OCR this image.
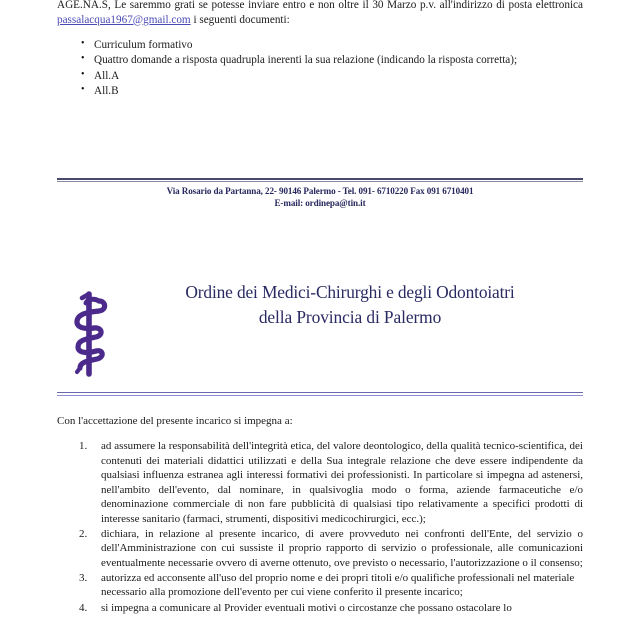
AGE.NA.S, Le saremmo grati se potesse inviare entro e non oltre il 30 Marzo p.v. all'indirizzo di posta elettronica passalacqua1967@gmail.com i seguenti documenti:

• Curriculum formativo
• Quattro domande a risposta quadrupla inerenti la sua relazione (indicando la risposta corretta);
• All.A
• All.B
Via Rosario da Partanna, 22- 90146 Palermo - Tel. 091- 6710220 Fax 091 6710401
E-mail: ordinepa@tin.it
Ordine dei Medici-Chirurghi e degli Odontoiatri
della Provincia di Palermo

Con l'accettazione del presente incarico si impegna a:

ad assumere la responsabilità dell'integrità etica, del valore deontologico, della qualità tecnico-scientifica, dei contenuti dei materiali didattici utilizzati e della Sua integrale relazione che deve essere indipendente da qualsiasi influenza estranea agli interessi formativi dei professionisti. In particolare si impegna ad astenersi, nell'ambito dell'evento, dal nominare, in qualsivoglia modo o forma, aziende farmaceutiche e/o denominazione commerciale di non fare pubblicità di qualsiasi tipo relativamente a specifici prodotti di interesse sanitario (farmaci, strumenti, dispositivi medicochirurgici, ecc.);
dichiara, in relazione al presente incarico, di avere provveduto nei confronti dell'Ente, del servizio o dell'Amministrazione con cui sussiste il proprio rapporto di servizio o professionale, alle comunicazioni eventualmente necessarie ovvero di averne ottenuto, ove previsto o necessario, l'autorizzazione o il consenso;
autorizza ed acconsente all'uso del proprio nome e dei propri titoli e/o qualifiche professionali nel materiale necessario alla promozione dell'evento per cui viene conferito il presente incarico;
si impegna a comunicare al Provider eventuali motivi o circostanze che possano ostacolare lo
